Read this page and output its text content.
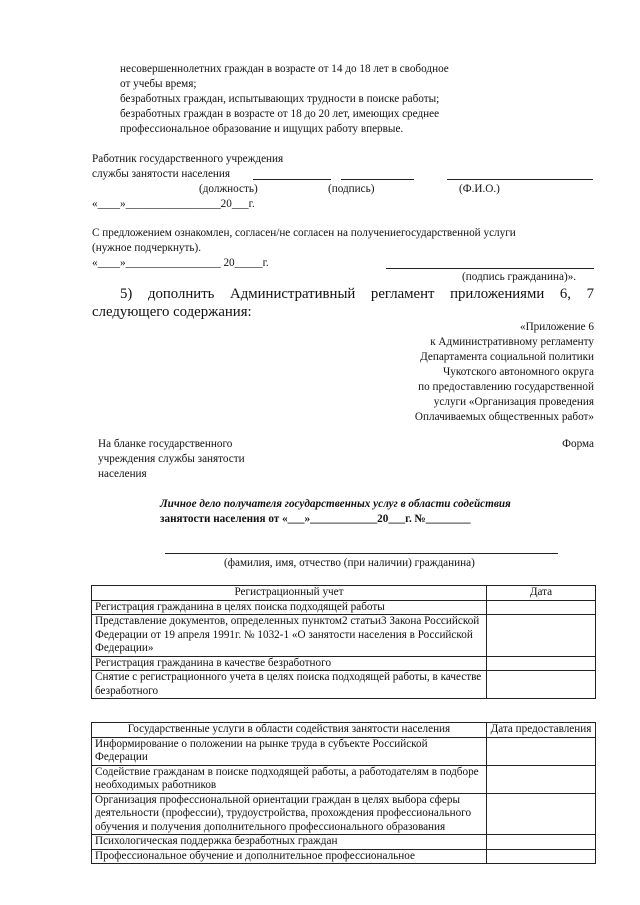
несовершеннолетних граждан в возрасте от 14 до 18 лет в свободное
от учебы время;
безработных граждан, испытывающих трудности в поиске работы;
безработных граждан в возрасте от 18 до 20 лет, имеющих среднее
профессиональное образование и ищущих работу впервые.
Работник государственного учреждения
службы занятости населения
(должность)	(подпись)	(Ф.И.О.)
«____»_________________20___г.
С предложением ознакомлен, согласен/не согласен на получениегосударственной услуги
(нужное подчеркнуть).
«____»_________________ 20_____г.
(подпись гражданина)».
5) дополнить Административный регламент приложениями 6, 7
следующего содержания:
«Приложение 6
к Административному регламенту
Департамента социальной политики
Чукотского автономного округа
по предоставлению государственной
услуги «Организация проведения
Оплачиваемых общественных работ»
На бланке государственного
учреждения службы занятости
населения
Форма
Личное дело получателя государственных услуг в области содействия
занятости населения от «___»____________20___г. №________
(фамилия, имя, отчество (при наличии) гражданина)
Регистрационный учет	Дата
Регистрация гражданина в целях поиска подходящей работы	
Представление документов, определенных пунктом2 статьи3 Закона Российской Федерации от 19 апреля 1991г. № 1032-1 «О занятости населения в Российской Федерации»	
Регистрация гражданина в качестве безработного	
Снятие с регистрационного учета в целях поиска подходящей работы, в качестве безработного	
Государственные услуги в области содействия занятости населения	Дата предоставления
Информирование о положении на рынке труда в субъекте Российской Федерации	
Содействие гражданам в поиске подходящей работы, а работодателям в подборе необходимых работников	
Организация профессиональной ориентации граждан в целях выбора сферы деятельности (профессии), трудоустройства, прохождения профессионального обучения и получения дополнительного профессионального образования	
Психологическая поддержка безработных граждан	
Профессиональное обучение и дополнительное профессиональное	
